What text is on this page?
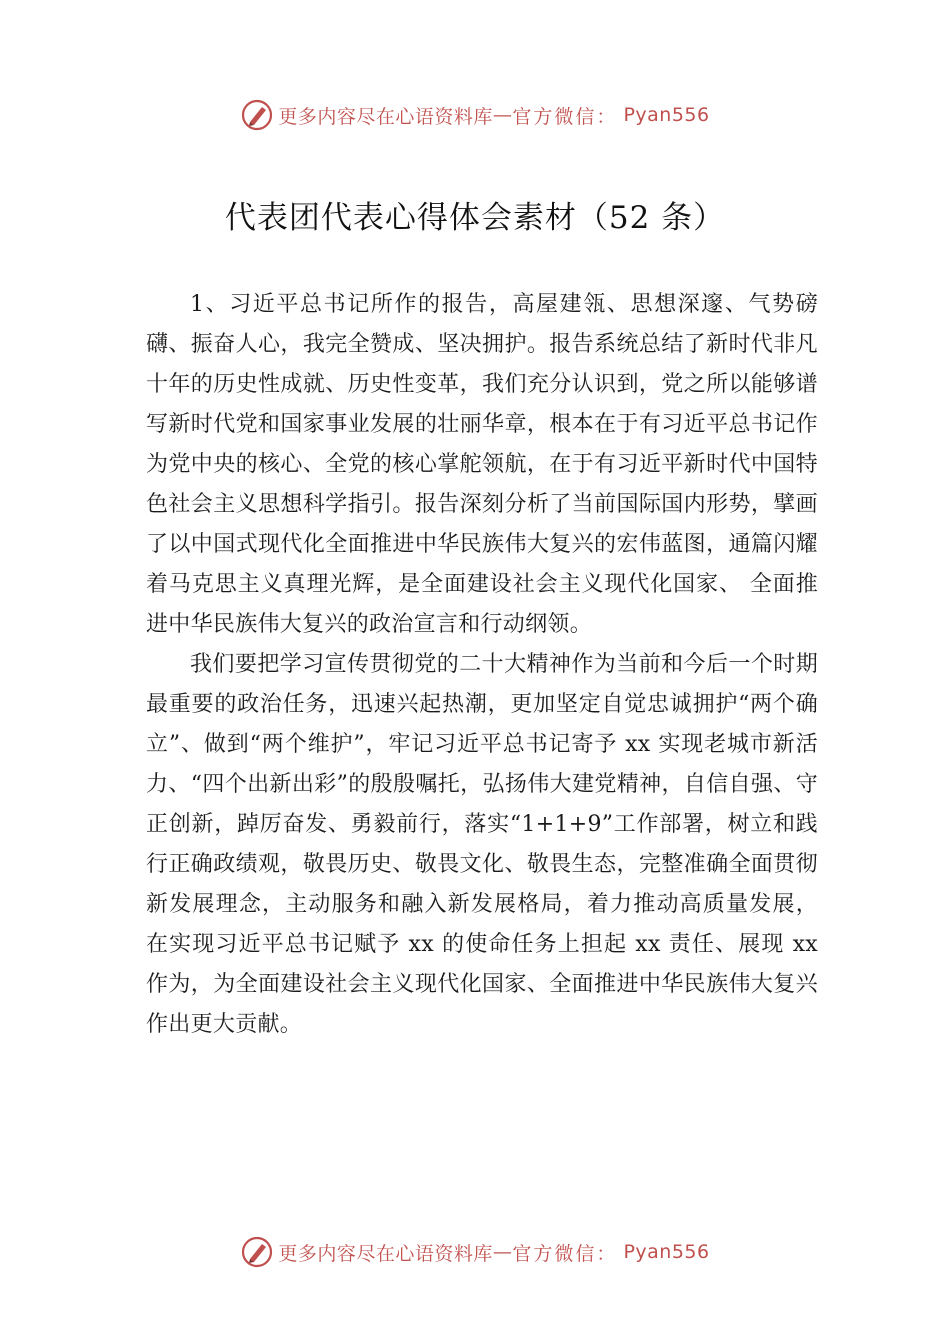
更多内容尽在心语资料库 — 官方微信： Pyan556
代表团代表心得体会素材（52 条）

1、习近平总书记所作的报告，高屋建瓴、思想深邃、气势磅礴、振奋人心，我完全赞成、坚决拥护。报告系统总结了新时代非凡十年的历史性成就、历史性变革，我们充分认识到，党之所以能够谱写新时代党和国家事业发展的壮丽华章，根本在于有习近平总书记作为党中央的核心、全党的核心掌舵领航，在于有习近平新时代中国特色社会主义思想科学指引。报告深刻分析了当前国际国内形势，擘画了以中国式现代化全面推进中华民族伟大复兴的宏伟蓝图，通篇闪耀着马克思主义真理光辉，是全面建设社会主义现代化国家、 全面推进中华民族伟大复兴的政治宣言和行动纲领。

我们要把学习宣传贯彻党的二十大精神作为当前和今后一个时期最重要的政治任务，迅速兴起热潮，更加坚定自觉忠诚拥护“两个确立”、做到“两个维护”，牢记习近平总书记寄予 xx 实现老城市新活力、“四个出新出彩”的殷殷嘱托，弘扬伟大建党精神，自信自强、守正创新，踔厉奋发、勇毅前行，落实“1+1+9”工作部署，树立和践行正确政绩观，敬畏历史、敬畏文化、敬畏生态，完整准确全面贯彻新发展理念，主动服务和融入新发展格局，着力推动高质量发展， 在实现习近平总书记赋予 xx 的使命任务上担起 xx 责任、展现 xx 作为，为全面建设社会主义现代化国家、全面推进中华民族伟大复兴作出更大贡献。

更多内容尽在心语资料库 — 官方微信： Pyan556
